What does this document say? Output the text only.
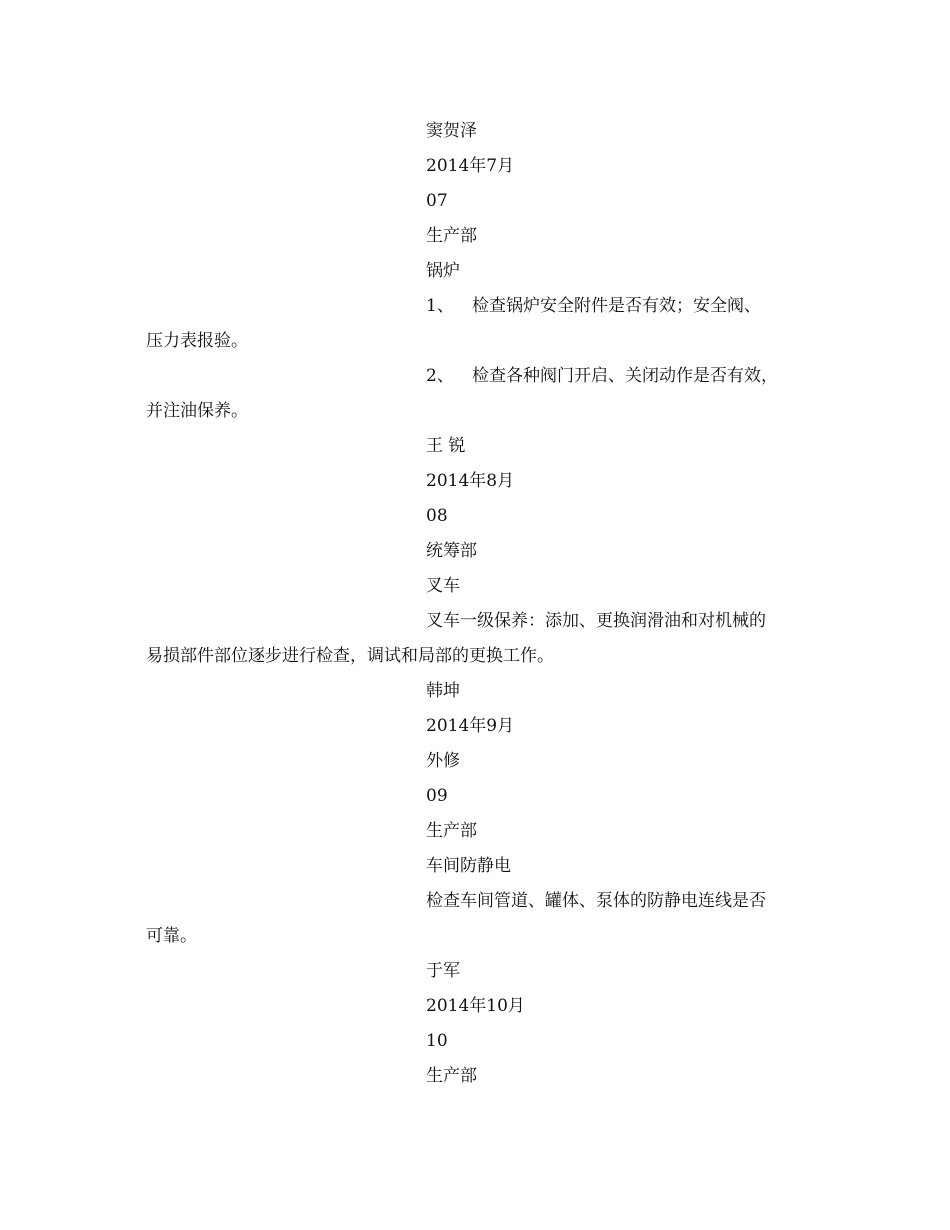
窦贺泽
2014年7月
07
生产部
锅炉
1、 检查锅炉安全附件是否有效；安全阀、
压力表报验。
2、 检查各种阀门开启、关闭动作是否有效，
并注油保养。
王 锐
2014年8月
08
统筹部
叉车
叉车一级保养：添加、更换润滑油和对机械的
易损部件部位逐步进行检查，调试和局部的更换工作。
韩坤
2014年9月
外修
09
生产部
车间防静电
检查车间管道、罐体、泵体的防静电连线是否
可靠。
于军
2014年10月
10
生产部
